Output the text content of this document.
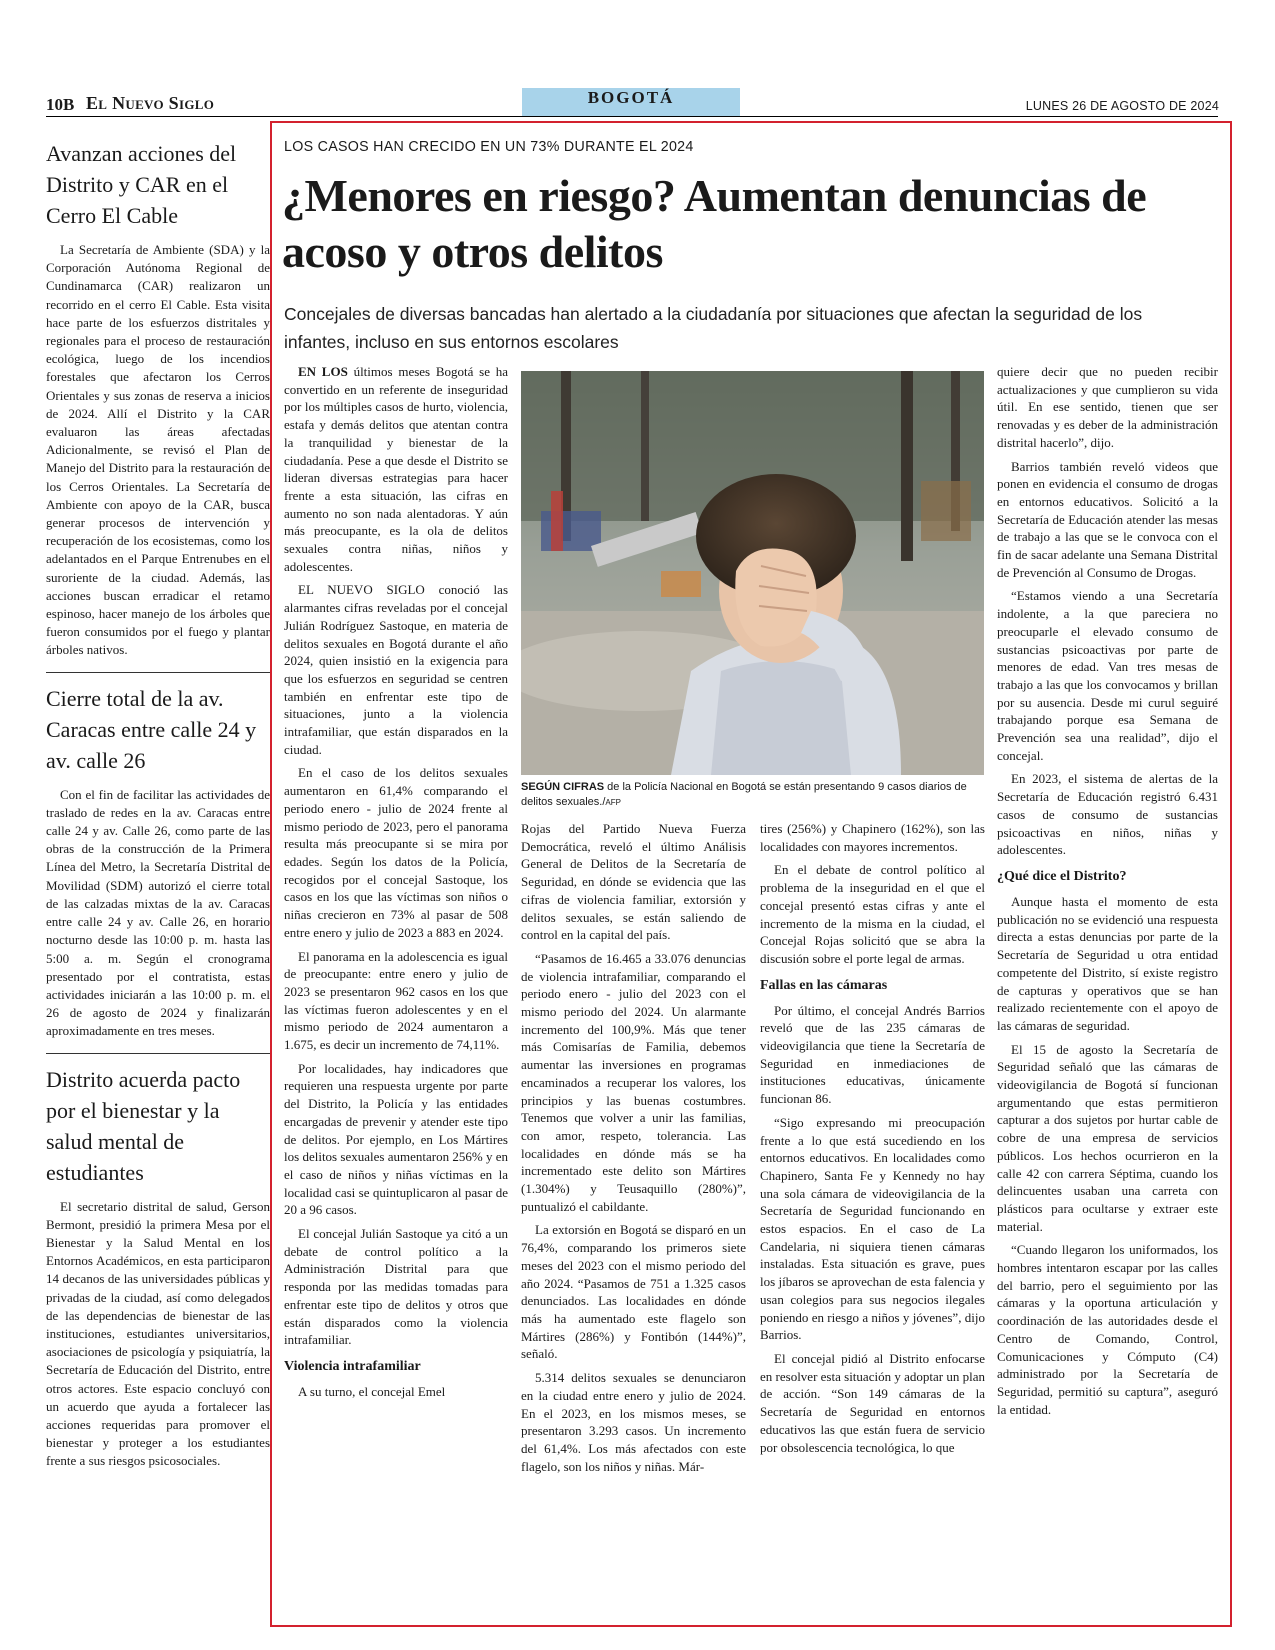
10B El Nuevo Siglo	BOGOTÁ	LUNES 26 DE AGOSTO DE 2024
Avanzan acciones del Distrito y CAR en el Cerro El Cable

La Secretaría de Ambiente (SDA) y la Corporación Autónoma Regional de Cundinamarca (CAR) realizaron un recorrido en el cerro El Cable. Esta visita hace parte de los esfuerzos distritales y regionales para el proceso de restauración ecológica, luego de los incendios forestales que afectaron los Cerros Orientales y sus zonas de reserva a inicios de 2024. Allí el Distrito y la CAR evaluaron las áreas afectadas Adicionalmente, se revisó el Plan de Manejo del Distrito para la restauración de los Cerros Orientales. La Secretaría de Ambiente con apoyo de la CAR, busca generar procesos de intervención y recuperación de los ecosistemas, como los adelantados en el Parque Entrenubes en el suroriente de la ciudad. Además, las acciones buscan erradicar el retamo espinoso, hacer manejo de los árboles que fueron consumidos por el fuego y plantar árboles nativos.

Cierre total de la av. Caracas entre calle 24 y av. calle 26

Con el fin de facilitar las actividades de traslado de redes en la av. Caracas entre calle 24 y av. Calle 26, como parte de las obras de la construcción de la Primera Línea del Metro, la Secretaría Distrital de Movilidad (SDM) autorizó el cierre total de las calzadas mixtas de la av. Caracas entre calle 24 y av. Calle 26, en horario nocturno desde las 10:00 p. m. hasta las 5:00 a. m. Según el cronograma presentado por el contratista, estas actividades iniciarán a las 10:00 p. m. el 26 de agosto de 2024 y finalizarán aproximadamente en tres meses.

Distrito acuerda pacto por el bienestar y la salud mental de estudiantes

El secretario distrital de salud, Gerson Bermont, presidió la primera Mesa por el Bienestar y la Salud Mental en los Entornos Académicos, en esta participaron 14 decanos de las universidades públicas y privadas de la ciudad, así como delegados de las dependencias de bienestar de las instituciones, estudiantes universitarios, asociaciones de psicología y psiquiatría, la Secretaría de Educación del Distrito, entre otros actores. Este espacio concluyó con un acuerdo que ayuda a fortalecer las acciones requeridas para promover el bienestar y proteger a los estudiantes frente a sus riesgos psicosociales.

LOS CASOS HAN CRECIDO EN UN 73% DURANTE EL 2024
¿Menores en riesgo? Aumentan denuncias de acoso y otros delitos

Concejales de diversas bancadas han alertado a la ciudadanía por situaciones que afectan la seguridad de los infantes, incluso en sus entornos escolares

EN LOS últimos meses Bogotá se ha convertido en un referente de inseguridad por los múltiples casos de hurto, violencia, estafa y demás delitos que atentan contra la tranquilidad y bienestar de la ciudadanía. Pese a que desde el Distrito se lideran diversas estrategias para hacer frente a esta situación, las cifras en aumento no son nada alentadoras. Y aún más preocupante, es la ola de delitos sexuales contra niñas, niños y adolescentes.

EL NUEVO SIGLO conoció las alarmantes cifras reveladas por el concejal Julián Rodríguez Sastoque, en materia de delitos sexuales en Bogotá durante el año 2024, quien insistió en la exigencia para que los esfuerzos en seguridad se centren también en enfrentar este tipo de situaciones, junto a la violencia intrafamiliar, que están disparados en la ciudad.

En el caso de los delitos sexuales aumentaron en 61,4% comparando el periodo enero - julio de 2024 frente al mismo periodo de 2023, pero el panorama resulta más preocupante si se mira por edades. Según los datos de la Policía, recogidos por el concejal Sastoque, los casos en los que las víctimas son niños o niñas crecieron en 73% al pasar de 508 entre enero y julio de 2023 a 883 en 2024.

El panorama en la adolescencia es igual de preocupante: entre enero y julio de 2023 se presentaron 962 casos en los que las víctimas fueron adolescentes y en el mismo periodo de 2024 aumentaron a 1.675, es decir un incremento de 74,11%.

Por localidades, hay indicadores que requieren una respuesta urgente por parte del Distrito, la Policía y las entidades encargadas de prevenir y atender este tipo de delitos. Por ejemplo, en Los Mártires los delitos sexuales aumentaron 256% y en el caso de niños y niñas víctimas en la localidad casi se quintuplicaron al pasar de 20 a 96 casos.

El concejal Julián Sastoque ya citó a un debate de control político a la Administración Distrital para que responda por las medidas tomadas para enfrentar este tipo de delitos y otros que están disparados como la violencia intrafamiliar.

Violencia intrafamiliar

A su turno, el concejal Emel

SEGÚN CIFRAS de la Policía Nacional en Bogotá se están presentando 9 casos diarios de delitos sexuales./AFP

Rojas del Partido Nueva Fuerza Democrática, reveló el último Análisis General de Delitos de la Secretaría de Seguridad, en dónde se evidencia que las cifras de violencia familiar, extorsión y delitos sexuales, se están saliendo de control en la capital del país.

“Pasamos de 16.465 a 33.076 denuncias de violencia intrafamiliar, comparando el periodo enero - julio del 2023 con el mismo periodo del 2024. Un alarmante incremento del 100,9%. Más que tener más Comisarías de Familia, debemos aumentar las inversiones en programas encaminados a recuperar los valores, los principios y las buenas costumbres. Tenemos que volver a unir las familias, con amor, respeto, tolerancia. Las localidades en dónde más se ha incrementado este delito son Mártires (1.304%) y Teusaquillo (280%)”, puntualizó el cabildante.

La extorsión en Bogotá se disparó en un 76,4%, comparando los primeros siete meses del 2023 con el mismo periodo del año 2024. “Pasamos de 751 a 1.325 casos denunciados. Las localidades en dónde más ha aumentado este flagelo son Mártires (286%) y Fontibón (144%)”, señaló.

5.314 delitos sexuales se denunciaron en la ciudad entre enero y julio de 2024. En el 2023, en los mismos meses, se presentaron 3.293 casos. Un incremento del 61,4%. Los más afectados con este flagelo, son los niños y niñas. Már-

tires (256%) y Chapinero (162%), son las localidades con mayores incrementos.

En el debate de control político al problema de la inseguridad en el que el concejal presentó estas cifras y ante el incremento de la misma en la ciudad, el Concejal Rojas solicitó que se abra la discusión sobre el porte legal de armas.

Fallas en las cámaras

Por último, el concejal Andrés Barrios reveló que de las 235 cámaras de videovigilancia que tiene la Secretaría de Seguridad en inmediaciones de instituciones educativas, únicamente funcionan 86.

“Sigo expresando mi preocupación frente a lo que está sucediendo en los entornos educativos. En localidades como Chapinero, Santa Fe y Kennedy no hay una sola cámara de videovigilancia de la Secretaría de Seguridad funcionando en estos espacios. En el caso de La Candelaria, ni siquiera tienen cámaras instaladas. Esta situación es grave, pues los jíbaros se aprovechan de esta falencia y usan colegios para sus negocios ilegales poniendo en riesgo a niños y jóvenes”, dijo Barrios.

El concejal pidió al Distrito enfocarse en resolver esta situación y adoptar un plan de acción. “Son 149 cámaras de la Secretaría de Seguridad en entornos educativos las que están fuera de servicio por obsolescencia tecnológica, lo que

quiere decir que no pueden recibir actualizaciones y que cumplieron su vida útil. En ese sentido, tienen que ser renovadas y es deber de la administración distrital hacerlo”, dijo.

Barrios también reveló videos que ponen en evidencia el consumo de drogas en entornos educativos. Solicitó a la Secretaría de Educación atender las mesas de trabajo a las que se le convoca con el fin de sacar adelante una Semana Distrital de Prevención al Consumo de Drogas.

“Estamos viendo a una Secretaría indolente, a la que pareciera no preocuparle el elevado consumo de sustancias psicoactivas por parte de menores de edad. Van tres mesas de trabajo a las que los convocamos y brillan por su ausencia. Desde mi curul seguiré trabajando porque esa Semana de Prevención sea una realidad”, dijo el concejal.

En 2023, el sistema de alertas de la Secretaría de Educación registró 6.431 casos de consumo de sustancias psicoactivas en niños, niñas y adolescentes.

¿Qué dice el Distrito?

Aunque hasta el momento de esta publicación no se evidenció una respuesta directa a estas denuncias por parte de la Secretaría de Seguridad u otra entidad competente del Distrito, sí existe registro de capturas y operativos que se han realizado recientemente con el apoyo de las cámaras de seguridad.

El 15 de agosto la Secretaría de Seguridad señaló que las cámaras de videovigilancia de Bogotá sí funcionan argumentando que estas permitieron capturar a dos sujetos por hurtar cable de cobre de una empresa de servicios públicos. Los hechos ocurrieron en la calle 42 con carrera Séptima, cuando los delincuentes usaban una carreta con plásticos para ocultarse y extraer este material.

“Cuando llegaron los uniformados, los hombres intentaron escapar por las calles del barrio, pero el seguimiento por las cámaras y la oportuna articulación y coordinación de las autoridades desde el Centro de Comando, Control, Comunicaciones y Cómputo (C4) administrado por la Secretaría de Seguridad, permitió su captura”, aseguró la entidad.
